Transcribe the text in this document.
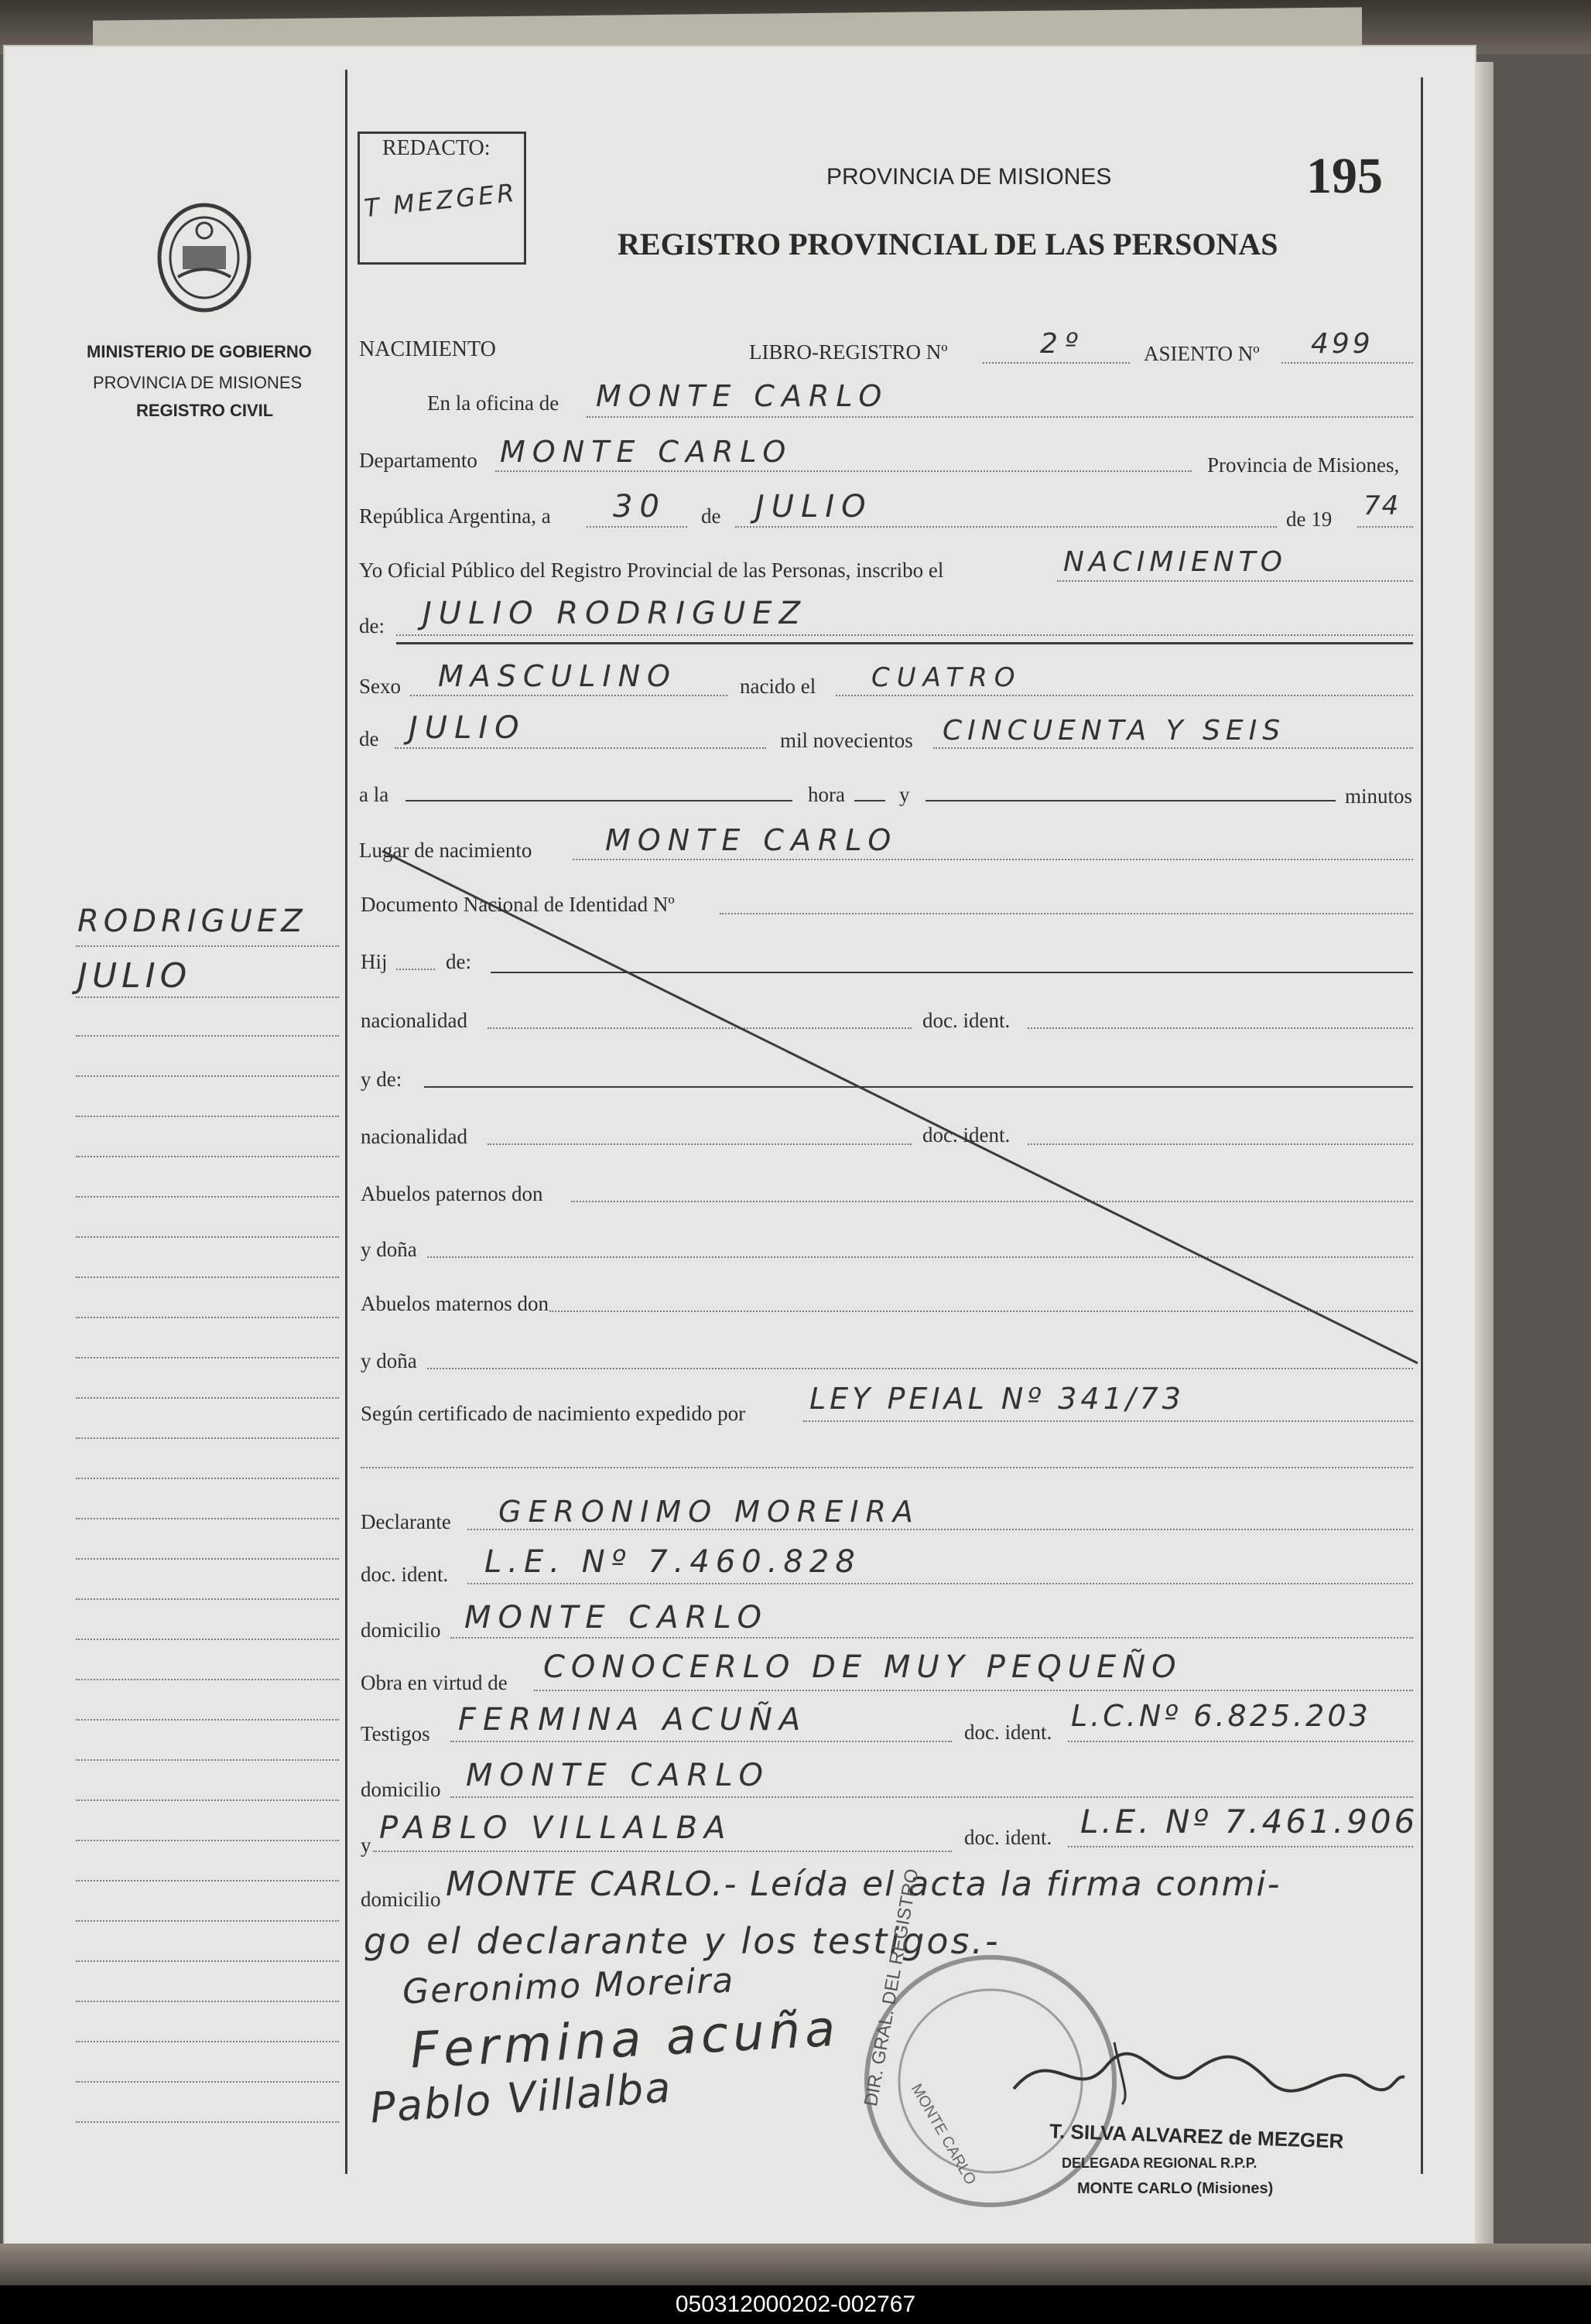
REDACTO:
T MEZGER
PROVINCIA DE MISIONES
REGISTRO PROVINCIAL DE LAS PERSONAS
195
MINISTERIO DE GOBIERNO
PROVINCIA DE MISIONES
REGISTRO CIVIL
RODRIGUEZ
JULIO
NACIMIENTO	LIBRO-REGISTRO Nº	2º	ASIENTO Nº 499
En la oficina de MONTE CARLO
Departamento MONTE CARLO	Provincia de Misiones,
República Argentina, a 30 de JULIO	de 19 74
Yo Oficial Público del Registro Provincial de las Personas, inscribo el	NACIMIENTO
de: JULIO RODRIGUEZ
Sexo MASCULINO	nacido el CUATRO
de JULIO	mil novecientos CINCUENTA Y SEIS
a la	hora	y	minutos
Lugar de nacimiento MONTE CARLO
Documento Nacional de Identidad Nº
Hij	de:
nacionalidad	doc. ident.
y de:
nacionalidad	doc. ident.
Abuelos paternos don
y doña
Abuelos maternos don
y doña
Según certificado de nacimiento expedido por LEY PEIAL Nº 341/73
Declarante GERONIMO MOREIRA
doc. ident. L.E. Nº 7.460.828
domicilio MONTE CARLO
Obra en virtud de CONOCERLO DE MUY PEQUEÑO
Testigos FERMINA ACUÑA	doc. ident. L.C.Nº 6.825.203
domicilio MONTE CARLO
y PABLO VILLALBA	doc. ident. L.E. Nº 7.461.906
domicilio MONTE CARLO.- Leída el acta la firma conmi-
go el declarante y los testigos.-
Geronimo Moreira
Fermina acuña
Pablo Villalba	DIR. GRAL. DEL REGISTRO
MONTE CARLO	T. SILVA ALVAREZ de MEZGER
DELEGADA REGIONAL R.P.P.
MONTE CARLO (Misiones)
050312000202-002767
